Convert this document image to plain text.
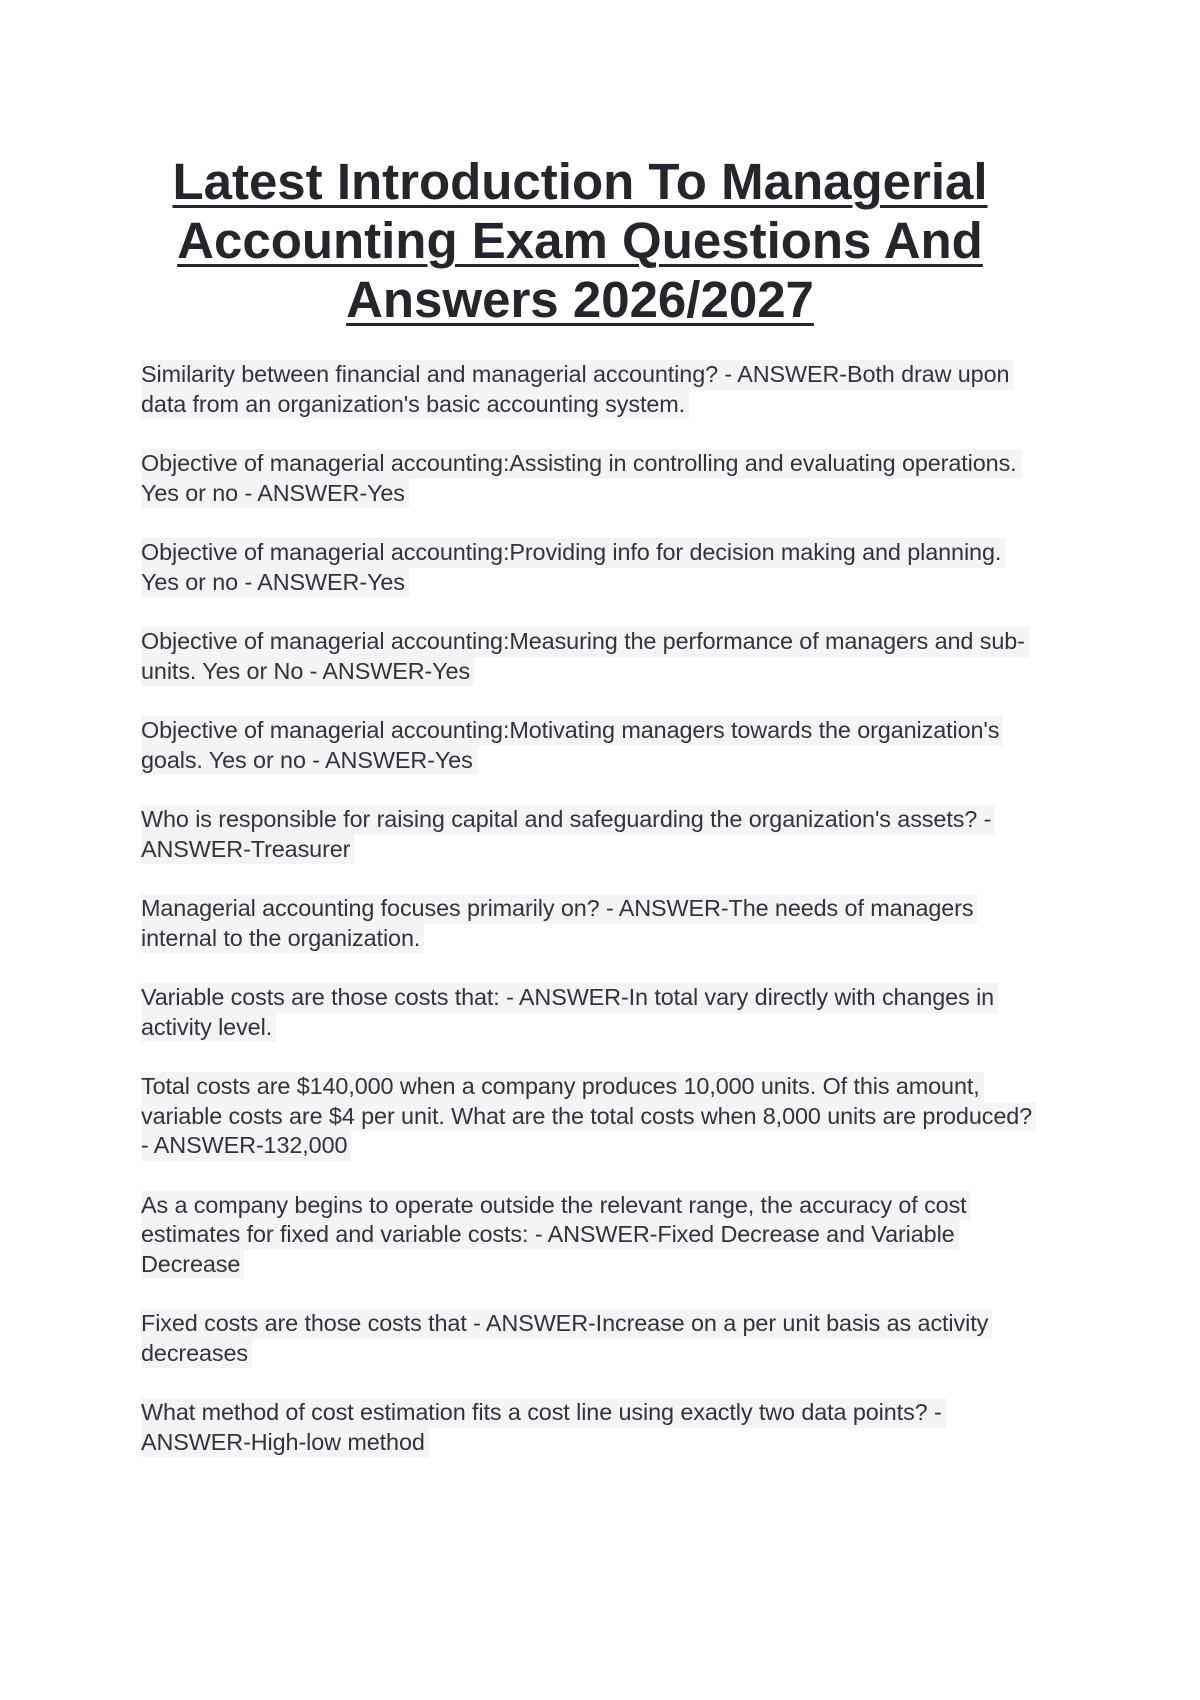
Latest Introduction To Managerial
Accounting Exam Questions And
Answers 2026/2027
Similarity between financial and managerial accounting? - ANSWER-Both draw upon
data from an organization's basic accounting system.
Objective of managerial accounting:Assisting in controlling and evaluating operations.
Yes or no - ANSWER-Yes
Objective of managerial accounting:Providing info for decision making and planning.
Yes or no - ANSWER-Yes
Objective of managerial accounting:Measuring the performance of managers and sub-
units. Yes or No - ANSWER-Yes
Objective of managerial accounting:Motivating managers towards the organization's
goals. Yes or no - ANSWER-Yes
Who is responsible for raising capital and safeguarding the organization's assets? -
ANSWER-Treasurer
Managerial accounting focuses primarily on? - ANSWER-The needs of managers
internal to the organization.
Variable costs are those costs that: - ANSWER-In total vary directly with changes in
activity level.
Total costs are $140,000 when a company produces 10,000 units. Of this amount,
variable costs are $4 per unit. What are the total costs when 8,000 units are produced?
- ANSWER-132,000
As a company begins to operate outside the relevant range, the accuracy of cost
estimates for fixed and variable costs: - ANSWER-Fixed Decrease and Variable
Decrease
Fixed costs are those costs that - ANSWER-Increase on a per unit basis as activity
decreases
What method of cost estimation fits a cost line using exactly two data points? -
ANSWER-High-low method
